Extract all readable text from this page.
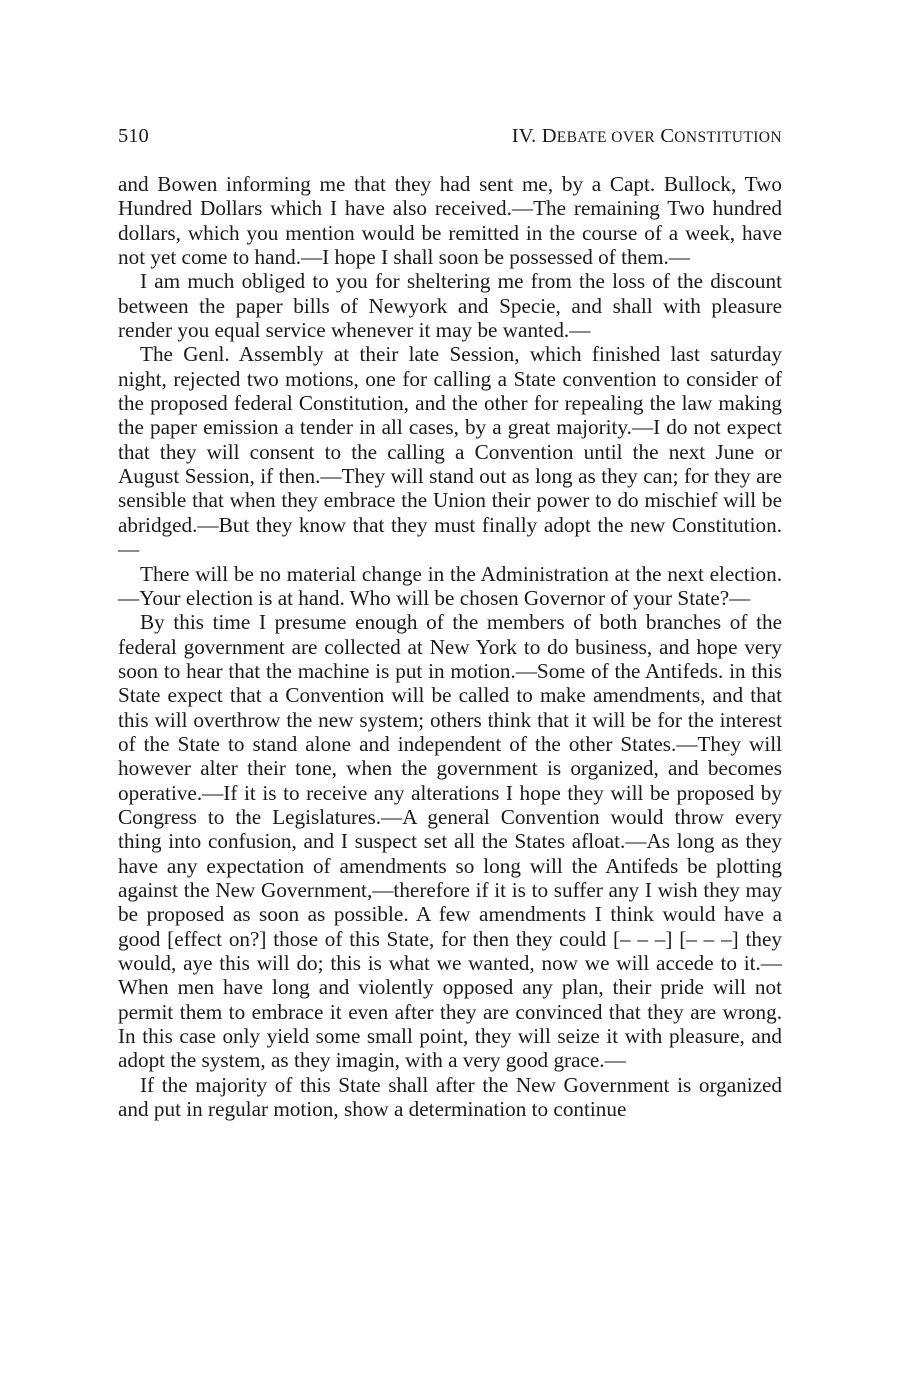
510	IV. DEBATE OVER CONSTITUTION

and Bowen informing me that they had sent me, by a Capt. Bullock, Two Hundred Dollars which I have also received.—The remaining Two hundred dollars, which you mention would be remitted in the course of a week, have not yet come to hand.—I hope I shall soon be possessed of them.—

I am much obliged to you for sheltering me from the loss of the discount between the paper bills of Newyork and Specie, and shall with pleasure render you equal service whenever it may be wanted.—

The Genl. Assembly at their late Session, which finished last saturday night, rejected two motions, one for calling a State convention to consider of the proposed federal Constitution, and the other for repealing the law making the paper emission a tender in all cases, by a great majority.—I do not expect that they will consent to the calling a Convention until the next June or August Session, if then.—They will stand out as long as they can; for they are sensible that when they embrace the Union their power to do mischief will be abridged.—But they know that they must finally adopt the new Constitution.—

There will be no material change in the Administration at the next election.—Your election is at hand. Who will be chosen Governor of your State?—

By this time I presume enough of the members of both branches of the federal government are collected at New York to do business, and hope very soon to hear that the machine is put in motion.—Some of the Antifeds. in this State expect that a Convention will be called to make amendments, and that this will overthrow the new system; others think that it will be for the interest of the State to stand alone and independent of the other States.—They will however alter their tone, when the government is organized, and becomes operative.—If it is to receive any alterations I hope they will be proposed by Congress to the Legislatures.—A general Convention would throw every thing into confusion, and I suspect set all the States afloat.—As long as they have any expectation of amendments so long will the Antifeds be plotting against the New Government,—therefore if it is to suffer any I wish they may be proposed as soon as possible. A few amendments I think would have a good [effect on?] those of this State, for then they could [– – –] [– – –] they would, aye this will do; this is what we wanted, now we will accede to it.—When men have long and violently opposed any plan, their pride will not permit them to embrace it even after they are convinced that they are wrong. In this case only yield some small point, they will seize it with pleasure, and adopt the system, as they imagin, with a very good grace.—

If the majority of this State shall after the New Government is organized and put in regular motion, show a determination to continue
